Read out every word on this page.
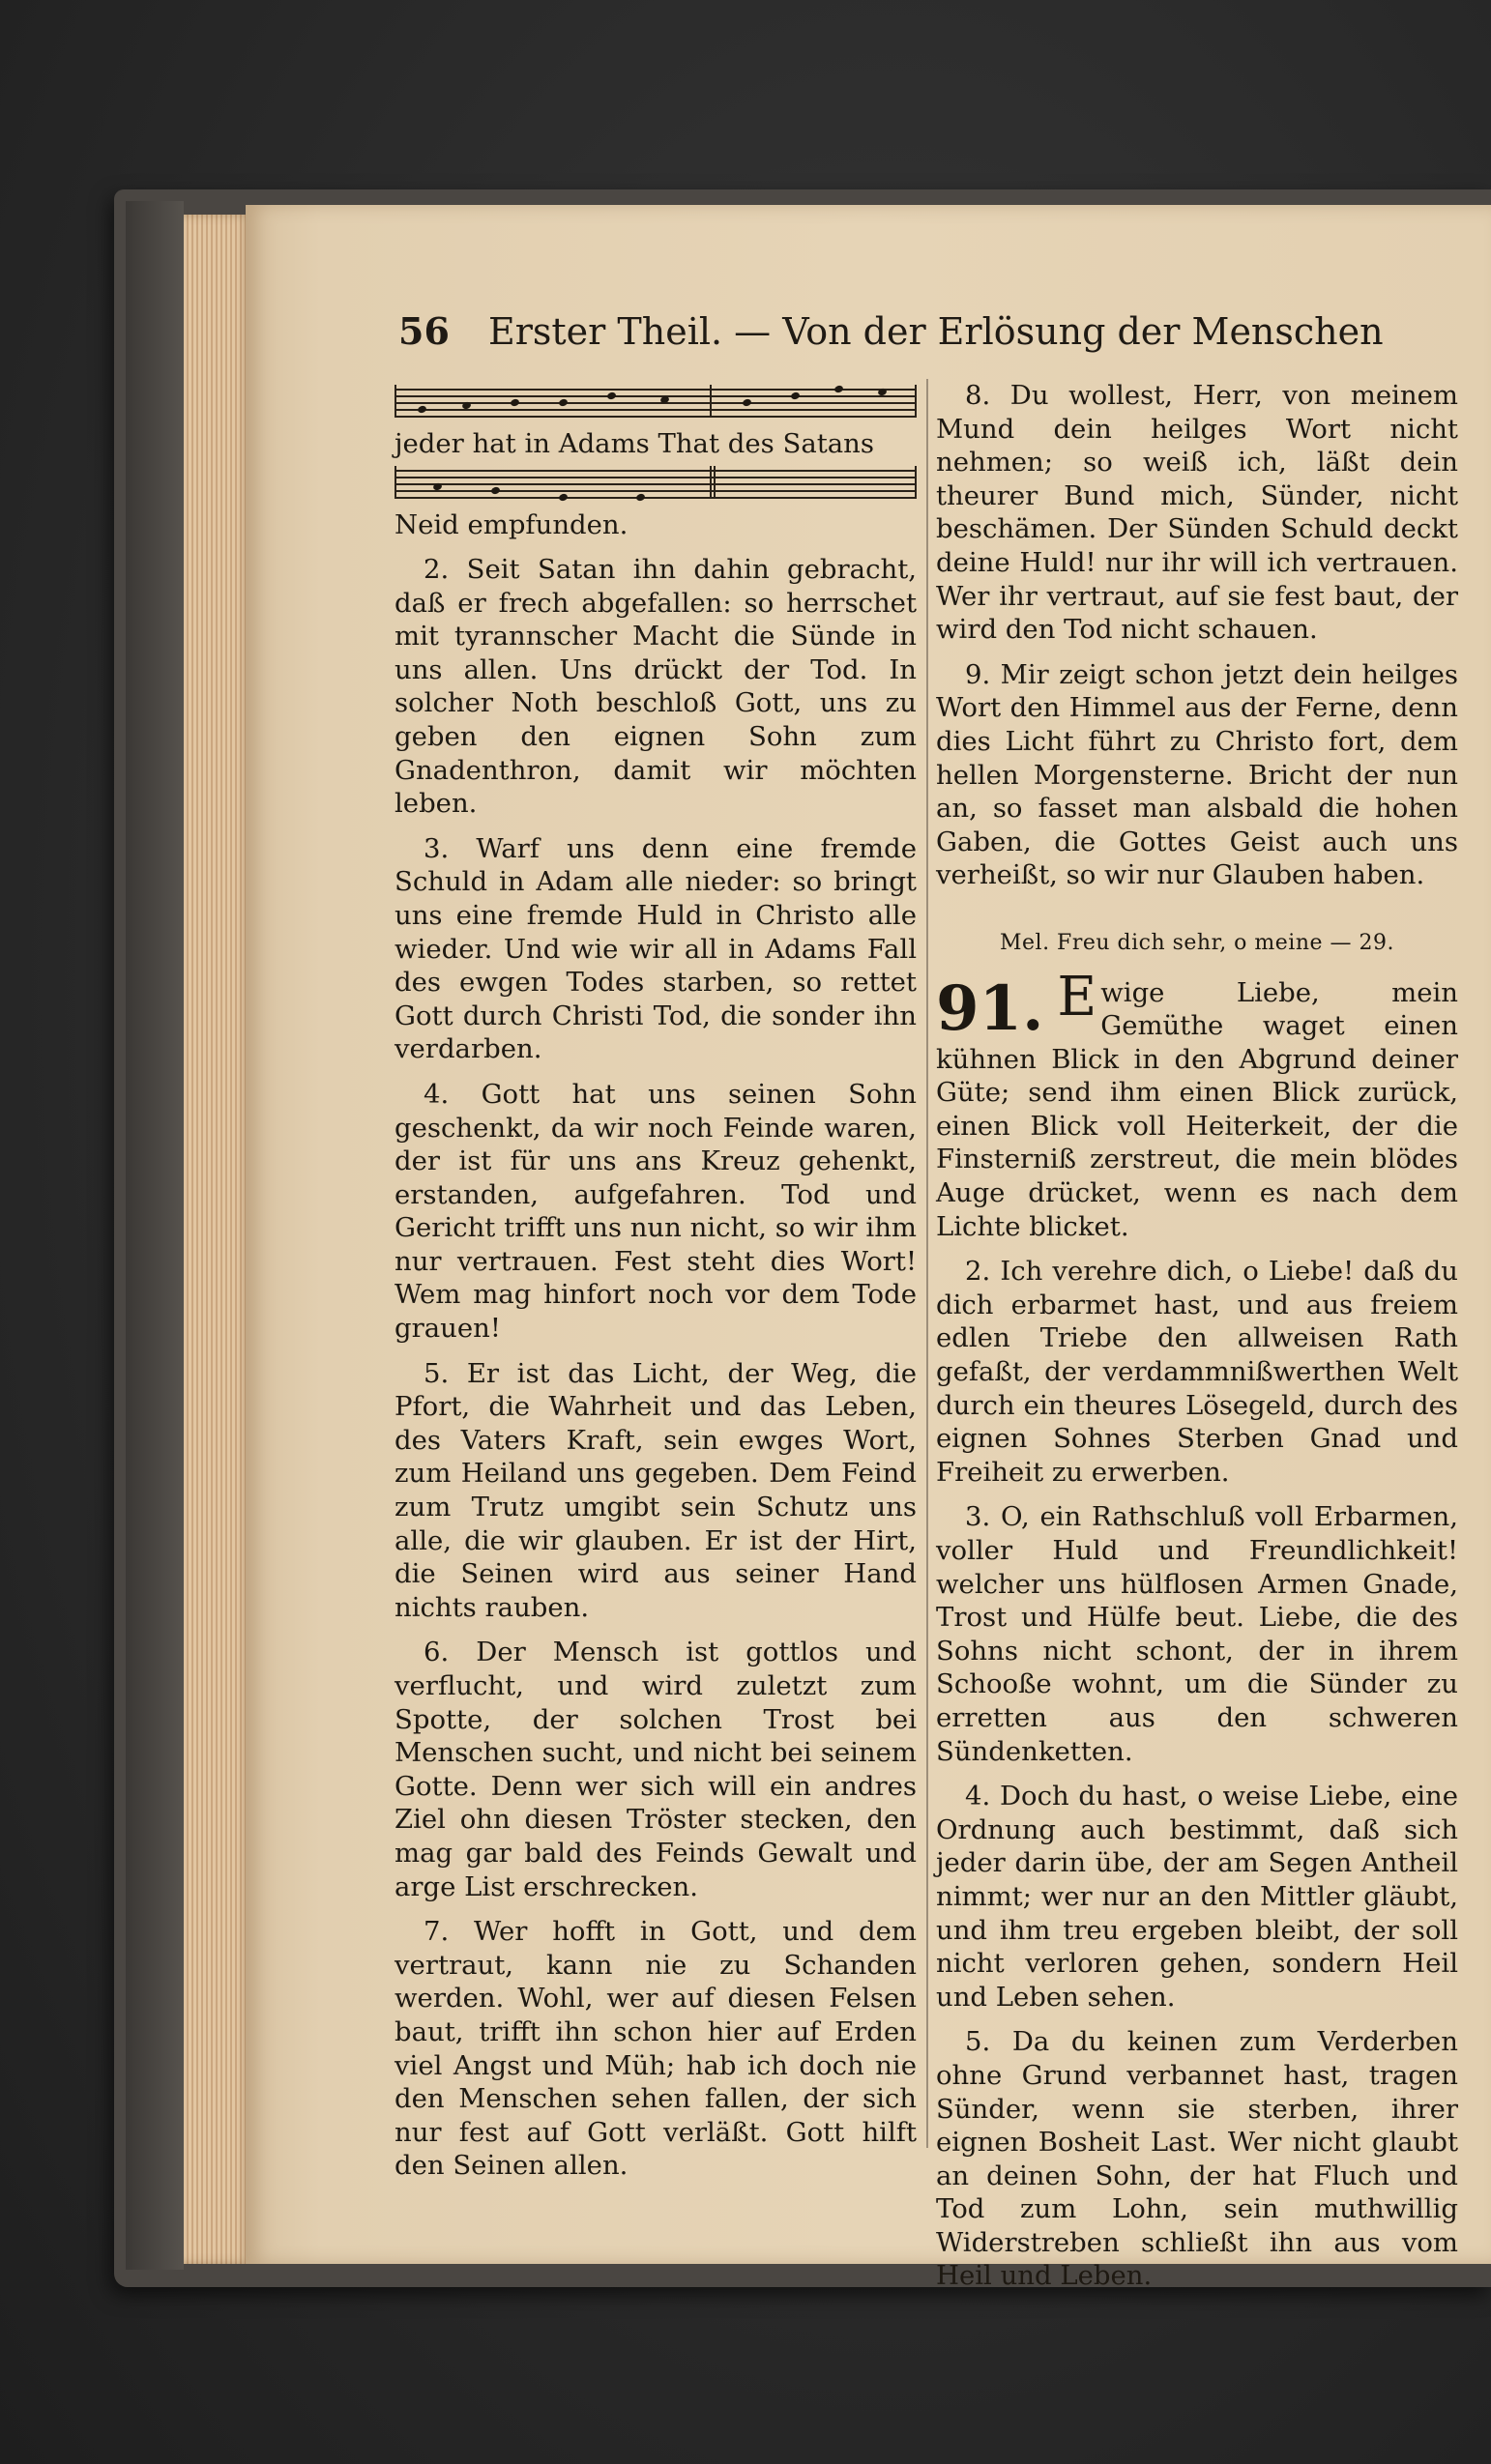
56 Erster Theil. — Von der Erlösung der Menschen
jeder hat in Adams That des Satans
Neid empfunden.

2. Seit Satan ihn dahin gebracht, daß er frech abgefallen: so herrschet mit tyrannscher Macht die Sünde in uns allen. Uns drückt der Tod. In solcher Noth beschloß Gott, uns zu geben den eignen Sohn zum Gnadenthron, damit wir möchten leben.

3. Warf uns denn eine fremde Schuld in Adam alle nieder: so bringt uns eine fremde Huld in Christo alle wieder. Und wie wir all in Adams Fall des ewgen Todes starben, so rettet Gott durch Christi Tod, die sonder ihn verdarben.

4. Gott hat uns seinen Sohn geschenkt, da wir noch Feinde waren, der ist für uns ans Kreuz gehenkt, erstanden, aufgefahren. Tod und Gericht trifft uns nun nicht, so wir ihm nur vertrauen. Fest steht dies Wort! Wem mag hinfort noch vor dem Tode grauen!

5. Er ist das Licht, der Weg, die Pfort, die Wahrheit und das Leben, des Vaters Kraft, sein ewges Wort, zum Heiland uns gegeben. Dem Feind zum Trutz umgibt sein Schutz uns alle, die wir glauben. Er ist der Hirt, die Seinen wird aus seiner Hand nichts rauben.

6. Der Mensch ist gottlos und verflucht, und wird zuletzt zum Spotte, der solchen Trost bei Menschen sucht, und nicht bei seinem Gotte. Denn wer sich will ein andres Ziel ohn diesen Tröster stecken, den mag gar bald des Feinds Gewalt und arge List erschrecken.

7. Wer hofft in Gott, und dem vertraut, kann nie zu Schanden werden. Wohl, wer auf diesen Felsen baut, trifft ihn schon hier auf Erden viel Angst und Müh; hab ich doch nie den Menschen sehen fallen, der sich nur fest auf Gott verläßt. Gott hilft den Seinen allen.

8. Du wollest, Herr, von meinem Mund dein heilges Wort nicht nehmen; so weiß ich, läßt dein theurer Bund mich, Sünder, nicht beschämen. Der Sünden Schuld deckt deine Huld! nur ihr will ich vertrauen. Wer ihr vertraut, auf sie fest baut, der wird den Tod nicht schauen.

9. Mir zeigt schon jetzt dein heilges Wort den Himmel aus der Ferne, denn dies Licht führt zu Christo fort, dem hellen Morgensterne. Bricht der nun an, so fasset man alsbald die hohen Gaben, die Gottes Geist auch uns verheißt, so wir nur Glauben haben.

Mel. Freu dich sehr, o meine — 29.

91. E wige Liebe, mein Gemüthe waget einen kühnen Blick in den Abgrund deiner Güte; send ihm einen Blick zurück, einen Blick voll Heiterkeit, der die Finsterniß zerstreut, die mein blödes Auge drücket, wenn es nach dem Lichte blicket.

2. Ich verehre dich, o Liebe! daß du dich erbarmet hast, und aus freiem edlen Triebe den allweisen Rath gefaßt, der verdammnißwerthen Welt durch ein theures Lösegeld, durch des eignen Sohnes Sterben Gnad und Freiheit zu erwerben.

3. O, ein Rathschluß voll Erbarmen, voller Huld und Freundlichkeit! welcher uns hülflosen Armen Gnade, Trost und Hülfe beut. Liebe, die des Sohns nicht schont, der in ihrem Schooße wohnt, um die Sünder zu erretten aus den schweren Sündenketten.

4. Doch du hast, o weise Liebe, eine Ordnung auch bestimmt, daß sich jeder darin übe, der am Segen Antheil nimmt; wer nur an den Mittler gläubt, und ihm treu ergeben bleibt, der soll nicht verloren gehen, sondern Heil und Leben sehen.

5. Da du keinen zum Verderben ohne Grund verbannet hast, tragen Sünder, wenn sie sterben, ihrer eignen Bosheit Last. Wer nicht glaubt an deinen Sohn, der hat Fluch und Tod zum Lohn, sein muthwillig Widerstreben schließt ihn aus vom Heil und Leben.
